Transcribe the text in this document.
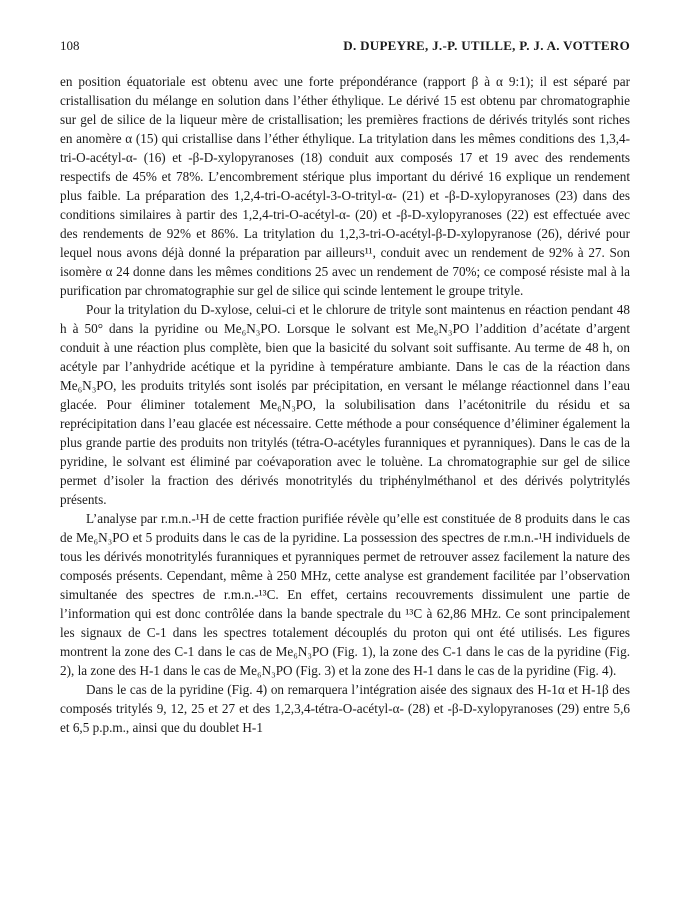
108	D. DUPEYRE, J.-P. UTILLE, P. J. A. VOTTERO

en position équatoriale est obtenu avec une forte prépondérance (rapport β à α 9:1); il est séparé par cristallisation du mélange en solution dans l’éther éthylique. Le dérivé 15 est obtenu par chromatographie sur gel de silice de la liqueur mère de cristallisation; les premières fractions de dérivés tritylés sont riches en anomère α (15) qui cristallise dans l’éther éthylique. La tritylation dans les mêmes conditions des 1,3,4-tri-O-acétyl-α- (16) et -β-D-xylopyranoses (18) conduit aux composés 17 et 19 avec des rendements respectifs de 45% et 78%. L’encombrement stérique plus important du dérivé 16 explique un rendement plus faible. La préparation des 1,2,4-tri-O-acétyl-3-O-trityl-α- (21) et -β-D-xylopyranoses (23) dans des conditions similaires à partir des 1,2,4-tri-O-acétyl-α- (20) et -β-D-xylopyranoses (22) est effectuée avec des rendements de 92% et 86%. La tritylation du 1,2,3-tri-O-acétyl-β-D-xylopyranose (26), dérivé pour lequel nous avons déjà donné la préparation par ailleurs¹¹, conduit avec un rendement de 92% à 27. Son isomère α 24 donne dans les mêmes conditions 25 avec un rendement de 70%; ce composé résiste mal à la purification par chromatographie sur gel de silice qui scinde lentement le groupe trityle.

Pour la tritylation du D-xylose, celui-ci et le chlorure de trityle sont maintenus en réaction pendant 48 h à 50° dans la pyridine ou Me₆N₃PO. Lorsque le solvant est Me₆N₃PO l’addition d’acétate d’argent conduit à une réaction plus complète, bien que la basicité du solvant soit suffisante. Au terme de 48 h, on acétyle par l’anhydride acétique et la pyridine à température ambiante. Dans le cas de la réaction dans Me₆N₃PO, les produits tritylés sont isolés par précipitation, en versant le mélange réactionnel dans l’eau glacée. Pour éliminer totalement Me₆N₃PO, la solubilisation dans l’acétonitrile du résidu et sa reprécipitation dans l’eau glacée est nécessaire. Cette méthode a pour conséquence d’éliminer également la plus grande partie des produits non tritylés (tétra-O-acétyles furanniques et pyranniques). Dans le cas de la pyridine, le solvant est éliminé par coévaporation avec le toluène. La chromatographie sur gel de silice permet d’isoler la fraction des dérivés monotritylés du triphénylméthanol et des dérivés polytritylés présents.

L’analyse par r.m.n.-¹H de cette fraction purifiée révèle qu’elle est constituée de 8 produits dans le cas de Me₆N₃PO et 5 produits dans le cas de la pyridine. La possession des spectres de r.m.n.-¹H individuels de tous les dérivés monotritylés furanniques et pyranniques permet de retrouver assez facilement la nature des composés présents. Cependant, même à 250 MHz, cette analyse est grandement facilitée par l’observation simultanée des spectres de r.m.n.-¹³C. En effet, certains recouvrements dissimulent une partie de l’information qui est donc contrôlée dans la bande spectrale du ¹³C à 62,86 MHz. Ce sont principalement les signaux de C-1 dans les spectres totalement découplés du proton qui ont été utilisés. Les figures montrent la zone des C-1 dans le cas de Me₆N₃PO (Fig. 1), la zone des C-1 dans le cas de la pyridine (Fig. 2), la zone des H-1 dans le cas de Me₆N₃PO (Fig. 3) et la zone des H-1 dans le cas de la pyridine (Fig. 4).

Dans le cas de la pyridine (Fig. 4) on remarquera l’intégration aisée des signaux des H-1α et H-1β des composés tritylés 9, 12, 25 et 27 et des 1,2,3,4-tétra-O-acétyl-α- (28) et -β-D-xylopyranoses (29) entre 5,6 et 6,5 p.p.m., ainsi que du doublet H-1
